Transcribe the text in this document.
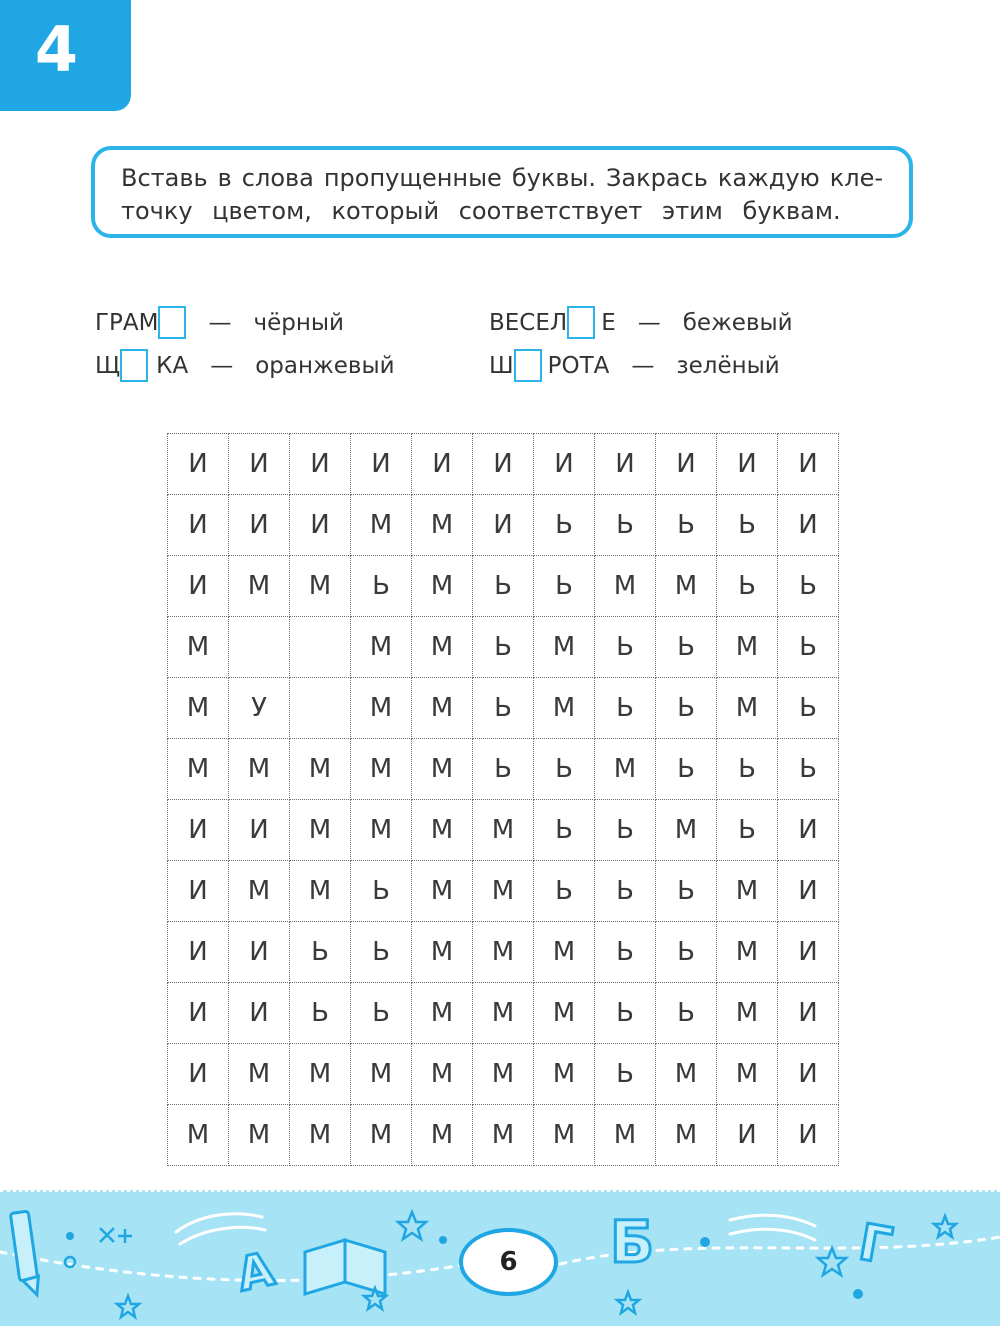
4
Вставь в слова пропущенные буквы. Закрась каждую кле-
точку цветом, который соответствует этим буквам.
ГРАМ — чёрный	ВЕСЕЛ Е — бежевый
Щ КА — оранжевый	Ш РОТА — зелёный
И	И	И	И	И	И	И	И	И	И	И
И	И	И	М	М	И	Ь	Ь	Ь	Ь	И
И	М	М	Ь	М	Ь	Ь	М	М	Ь	Ь
М			М	М	Ь	М	Ь	Ь	М	Ь
М	У		М	М	Ь	М	Ь	Ь	М	Ь
М	М	М	М	М	Ь	Ь	М	Ь	Ь	Ь
И	И	М	М	М	М	Ь	Ь	М	Ь	И
И	М	М	Ь	М	М	Ь	Ь	Ь	М	И
И	И	Ь	Ь	М	М	М	Ь	Ь	М	И
И	И	Ь	Ь	М	М	М	Ь	Ь	М	И
И	М	М	М	М	М	М	Ь	М	М	И
М	М	М	М	М	М	М	М	М	И	И
А	Б	Г
6
